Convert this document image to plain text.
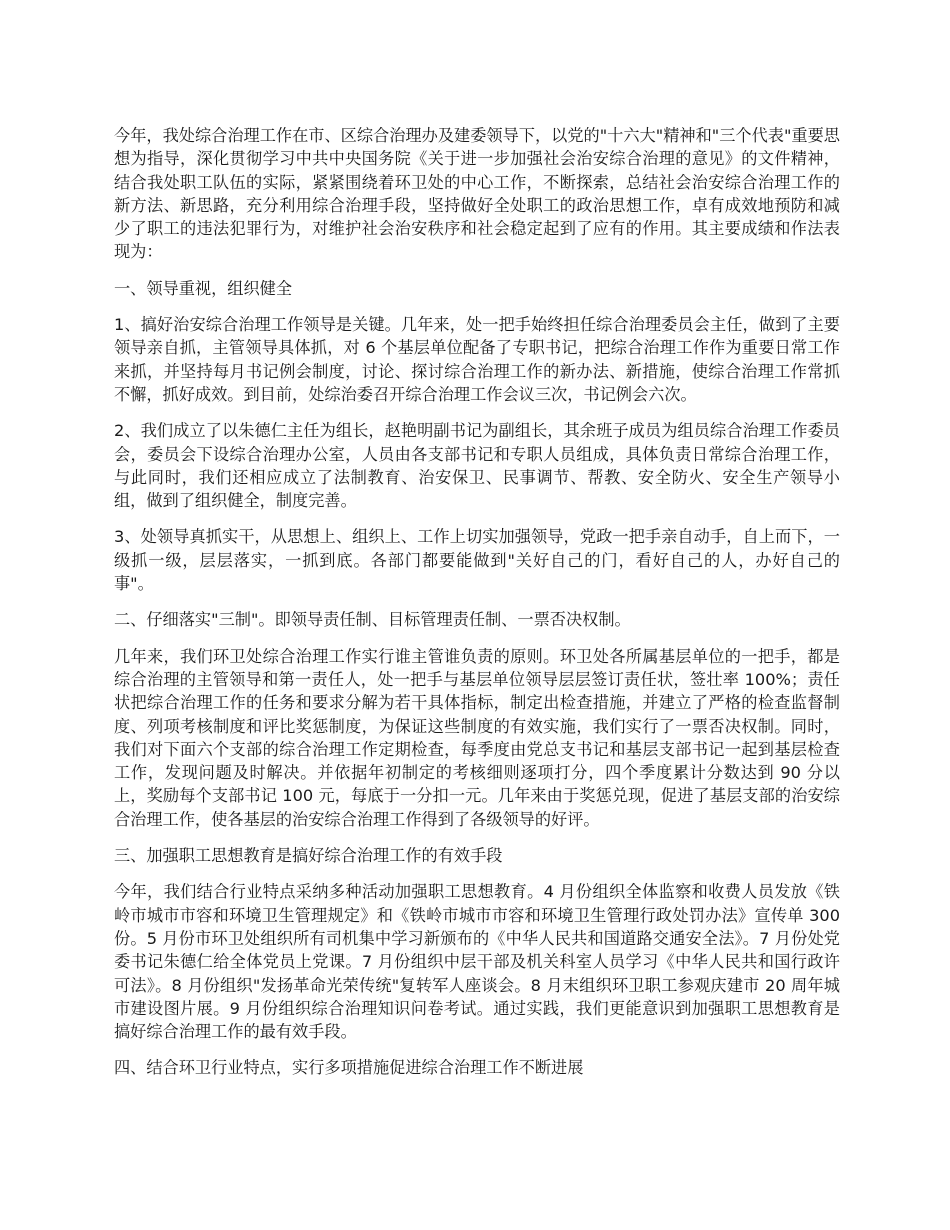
今年，我处综合治理工作在市、区综合治理办及建委领导下，以党的"十六大"精神和"三个代表"重要思想为指导，深化贯彻学习中共中央国务院《关于进一步加强社会治安综合治理的意见》的文件精神，结合我处职工队伍的实际，紧紧围绕着环卫处的中心工作，不断探索，总结社会治安综合治理工作的新方法、新思路，充分利用综合治理手段，坚持做好全处职工的政治思想工作，卓有成效地预防和减少了职工的违法犯罪行为，对维护社会治安秩序和社会稳定起到了应有的作用。其主要成绩和作法表现为：

一、领导重视，组织健全

1、搞好治安综合治理工作领导是关键。几年来，处一把手始终担任综合治理委员会主任，做到了主要领导亲自抓，主管领导具体抓，对 6 个基层单位配备了专职书记，把综合治理工作作为重要日常工作来抓，并坚持每月书记例会制度，讨论、探讨综合治理工作的新办法、新措施，使综合治理工作常抓不懈，抓好成效。到目前，处综治委召开综合治理工作会议三次，书记例会六次。

2、我们成立了以朱德仁主任为组长，赵艳明副书记为副组长，其余班子成员为组员综合治理工作委员会，委员会下设综合治理办公室，人员由各支部书记和专职人员组成，具体负责日常综合治理工作，与此同时，我们还相应成立了法制教育、治安保卫、民事调节、帮教、安全防火、安全生产领导小组，做到了组织健全，制度完善。

3、处领导真抓实干，从思想上、组织上、工作上切实加强领导，党政一把手亲自动手，自上而下，一级抓一级，层层落实，一抓到底。各部门都要能做到"关好自己的门，看好自己的人，办好自己的事"。

二、仔细落实"三制"。即领导责任制、目标管理责任制、一票否决权制。

几年来，我们环卫处综合治理工作实行谁主管谁负责的原则。环卫处各所属基层单位的一把手，都是综合治理的主管领导和第一责任人，处一把手与基层单位领导层层签订责任状，签壮率 100%；责任状把综合治理工作的任务和要求分解为若干具体指标，制定出检查措施，并建立了严格的检查监督制度、列项考核制度和评比奖惩制度，为保证这些制度的有效实施，我们实行了一票否决权制。同时，我们对下面六个支部的综合治理工作定期检查，每季度由党总支书记和基层支部书记一起到基层检查工作，发现问题及时解决。并依据年初制定的考核细则逐项打分，四个季度累计分数达到 90 分以上，奖励每个支部书记 100 元，每底于一分扣一元。几年来由于奖惩兑现，促进了基层支部的治安综合治理工作，使各基层的治安综合治理工作得到了各级领导的好评。

三、加强职工思想教育是搞好综合治理工作的有效手段

今年，我们结合行业特点采纳多种活动加强职工思想教育。4 月份组织全体监察和收费人员发放《铁岭市城市市容和环境卫生管理规定》和《铁岭市城市市容和环境卫生管理行政处罚办法》宣传单 300 份。5 月份市环卫处组织所有司机集中学习新颁布的《中华人民共和国道路交通安全法》。7 月份处党委书记朱德仁给全体党员上党课。7 月份组织中层干部及机关科室人员学习《中华人民共和国行政许可法》。8 月份组织"发扬革命光荣传统"复转军人座谈会。8 月末组织环卫职工参观庆建市 20 周年城市建设图片展。9 月份组织综合治理知识问卷考试。通过实践，我们更能意识到加强职工思想教育是搞好综合治理工作的最有效手段。

四、结合环卫行业特点，实行多项措施促进综合治理工作不断进展
